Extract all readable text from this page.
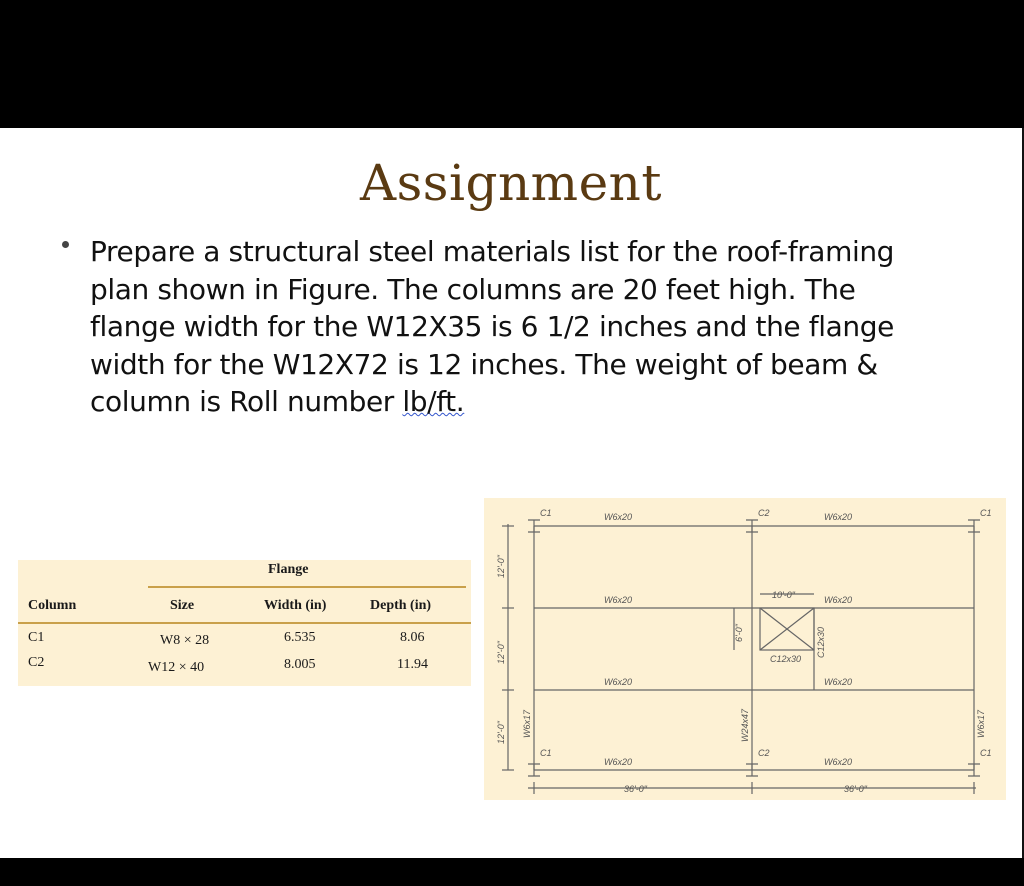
Assignment
Prepare a structural steel materials list for the roof-framing
plan shown in Figure. The columns are 20 feet high. The
flange width for the W12X35 is 6 1/2 inches and the flange
width for the W12X72 is 12 inches. The weight of beam &
column is Roll number lb/ft.
Flange
Column	Size	Width (in)	Depth (in)
C1	W8 × 28	6.535	8.06
C2	W12 × 40	8.005	11.94
W6x20	W6x20
W6x20	W6x20
W6x20	W6x20
W6x20	W6x20
C1	C2	C1
C1	C2	C1
W6x17	W24x47	W6x17
C12x30
C12x30
12'-0"
12'-0"
12'-0"
36'-0"	36'-0"
10'-0"
6'-0"
